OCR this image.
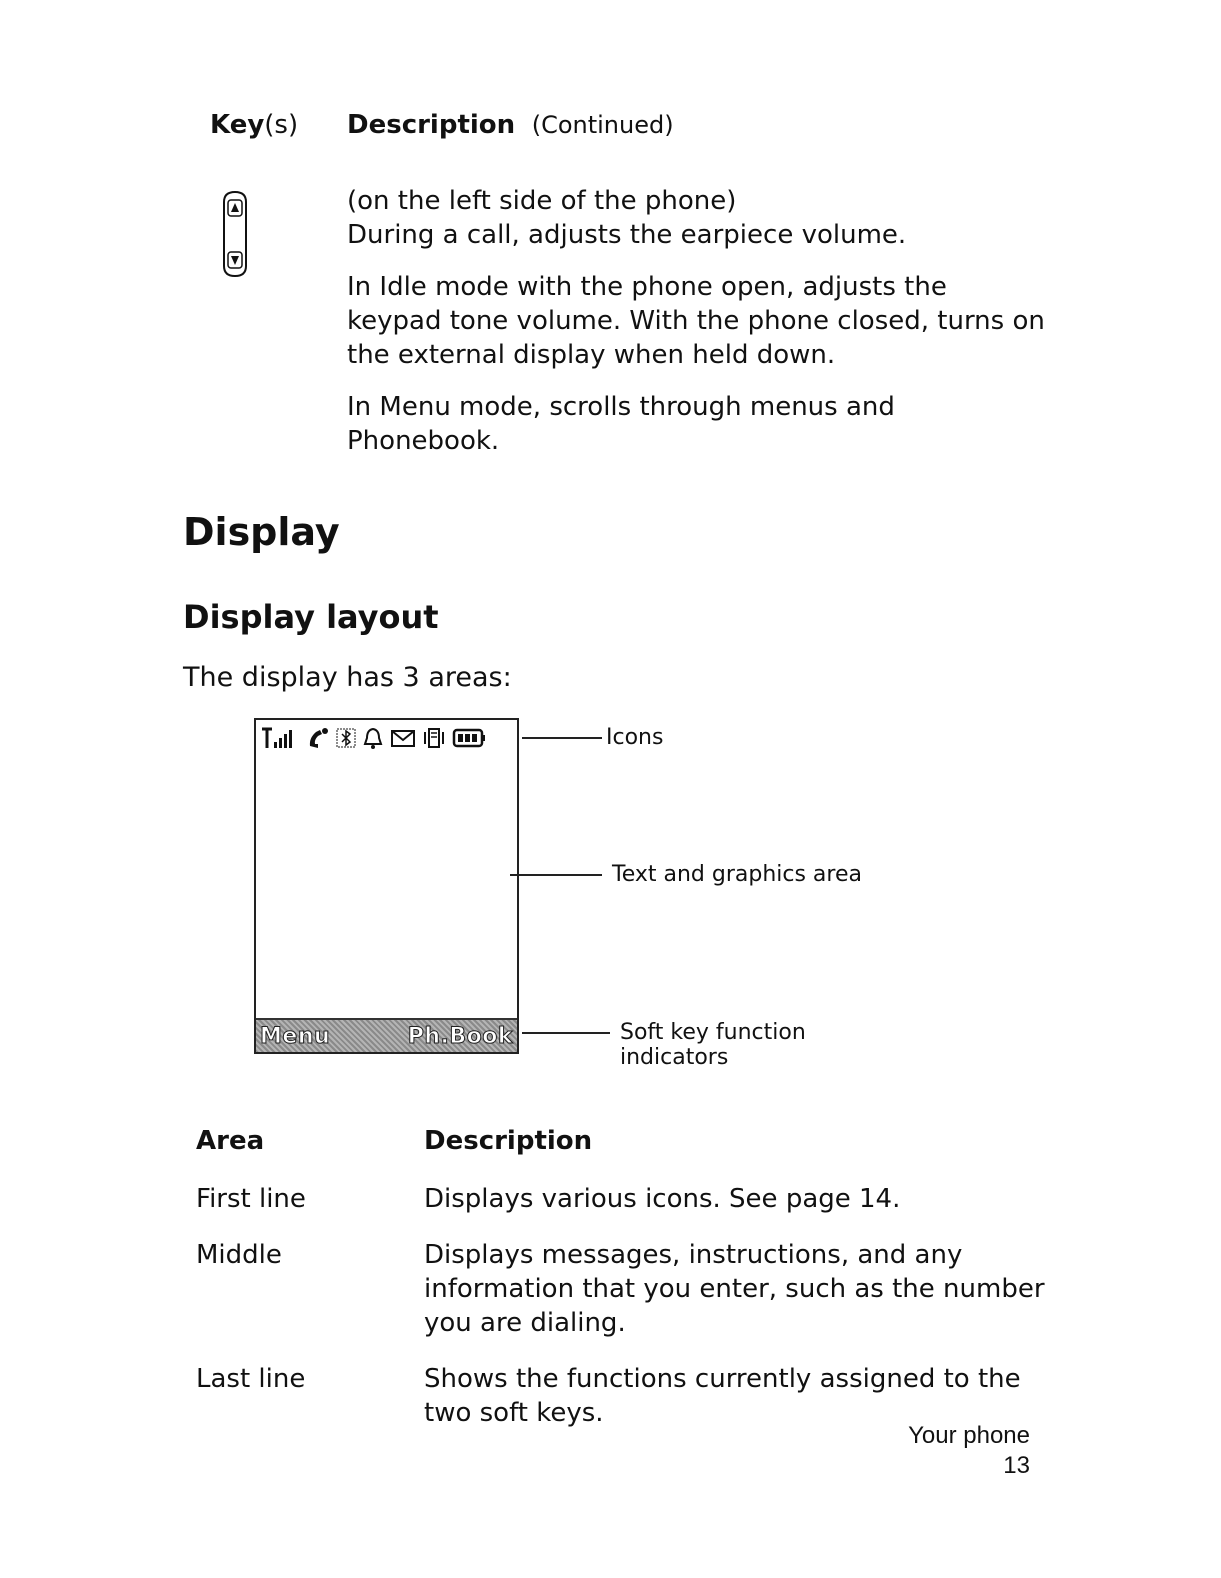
Key(s) Description (Continued)
(on the left side of the phone)
During a call, adjusts the earpiece volume.
In Idle mode with the phone open, adjusts the
keypad tone volume. With the phone closed, turns on
the external display when held down.
In Menu mode, scrolls through menus and
Phonebook.
Display
Display layout
The display has 3 areas:
Menu	Ph.Book
Icons
Text and graphics area
Soft key function
indicators
Area	Description
First line	Displays various icons. See page 14.
Middle	Displays messages, instructions, and any
information that you enter, such as the number
you are dialing.
Last line	Shows the functions currently assigned to the
two soft keys.
Your phone
13
